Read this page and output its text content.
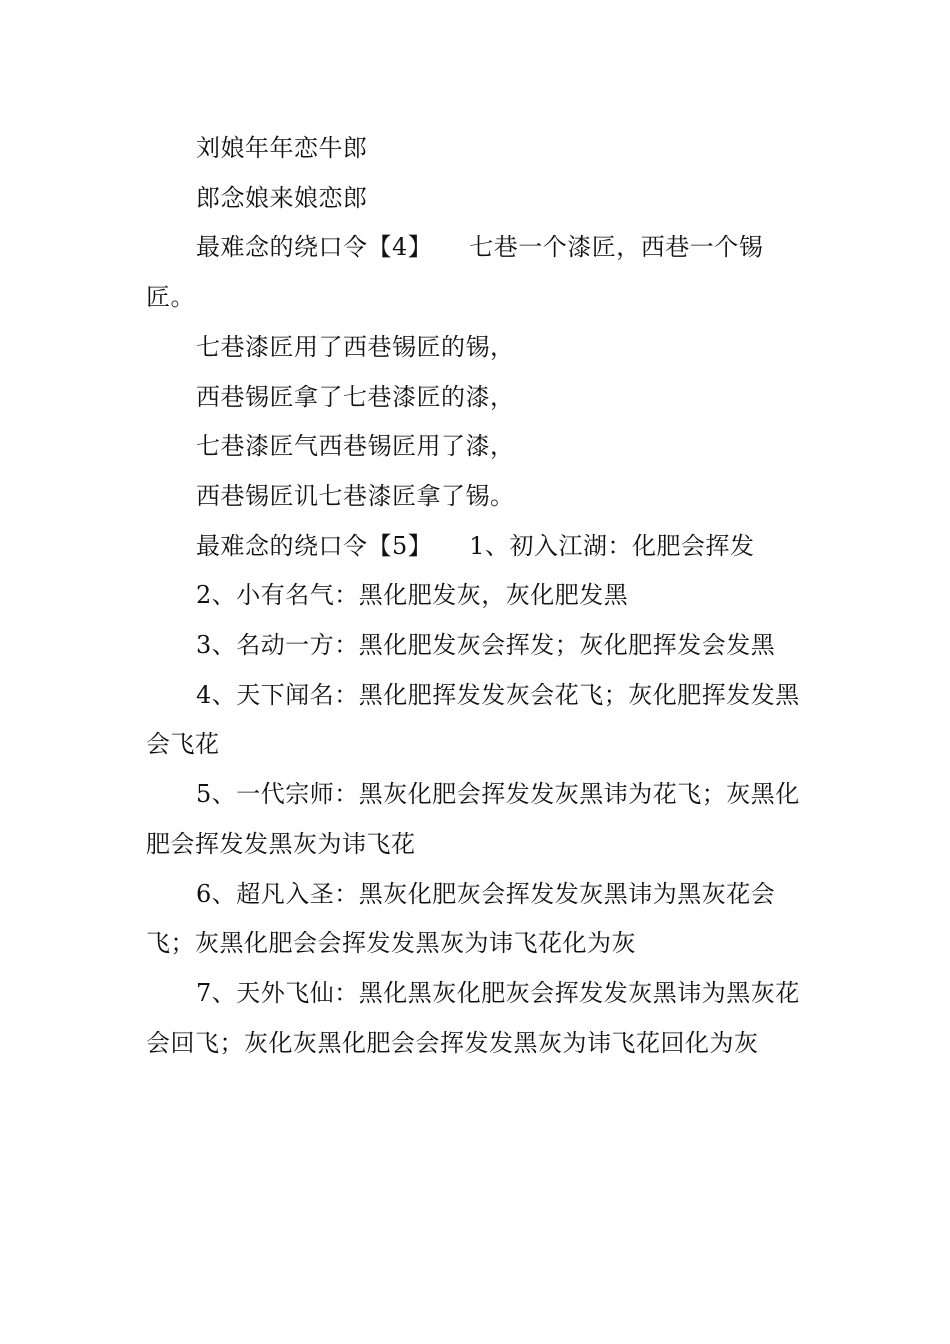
刘娘年年恋牛郎

郎念娘来娘恋郎

最难念的绕口令【4】　　七巷一个漆匠，西巷一个锡匠。

七巷漆匠用了西巷锡匠的锡，

西巷锡匠拿了七巷漆匠的漆，

七巷漆匠气西巷锡匠用了漆，

西巷锡匠讥七巷漆匠拿了锡。

最难念的绕口令【5】　　1、初入江湖：化肥会挥发

2、小有名气：黑化肥发灰，灰化肥发黑

3、名动一方：黑化肥发灰会挥发；灰化肥挥发会发黑

4、天下闻名：黑化肥挥发发灰会花飞；灰化肥挥发发黑会飞花

5、一代宗师：黑灰化肥会挥发发灰黑讳为花飞；灰黑化肥会挥发发黑灰为讳飞花

6、超凡入圣：黑灰化肥灰会挥发发灰黑讳为黑灰花会飞；灰黑化肥会会挥发发黑灰为讳飞花化为灰

7、天外飞仙：黑化黑灰化肥灰会挥发发灰黑讳为黑灰花会回飞；灰化灰黑化肥会会挥发发黑灰为讳飞花回化为灰
